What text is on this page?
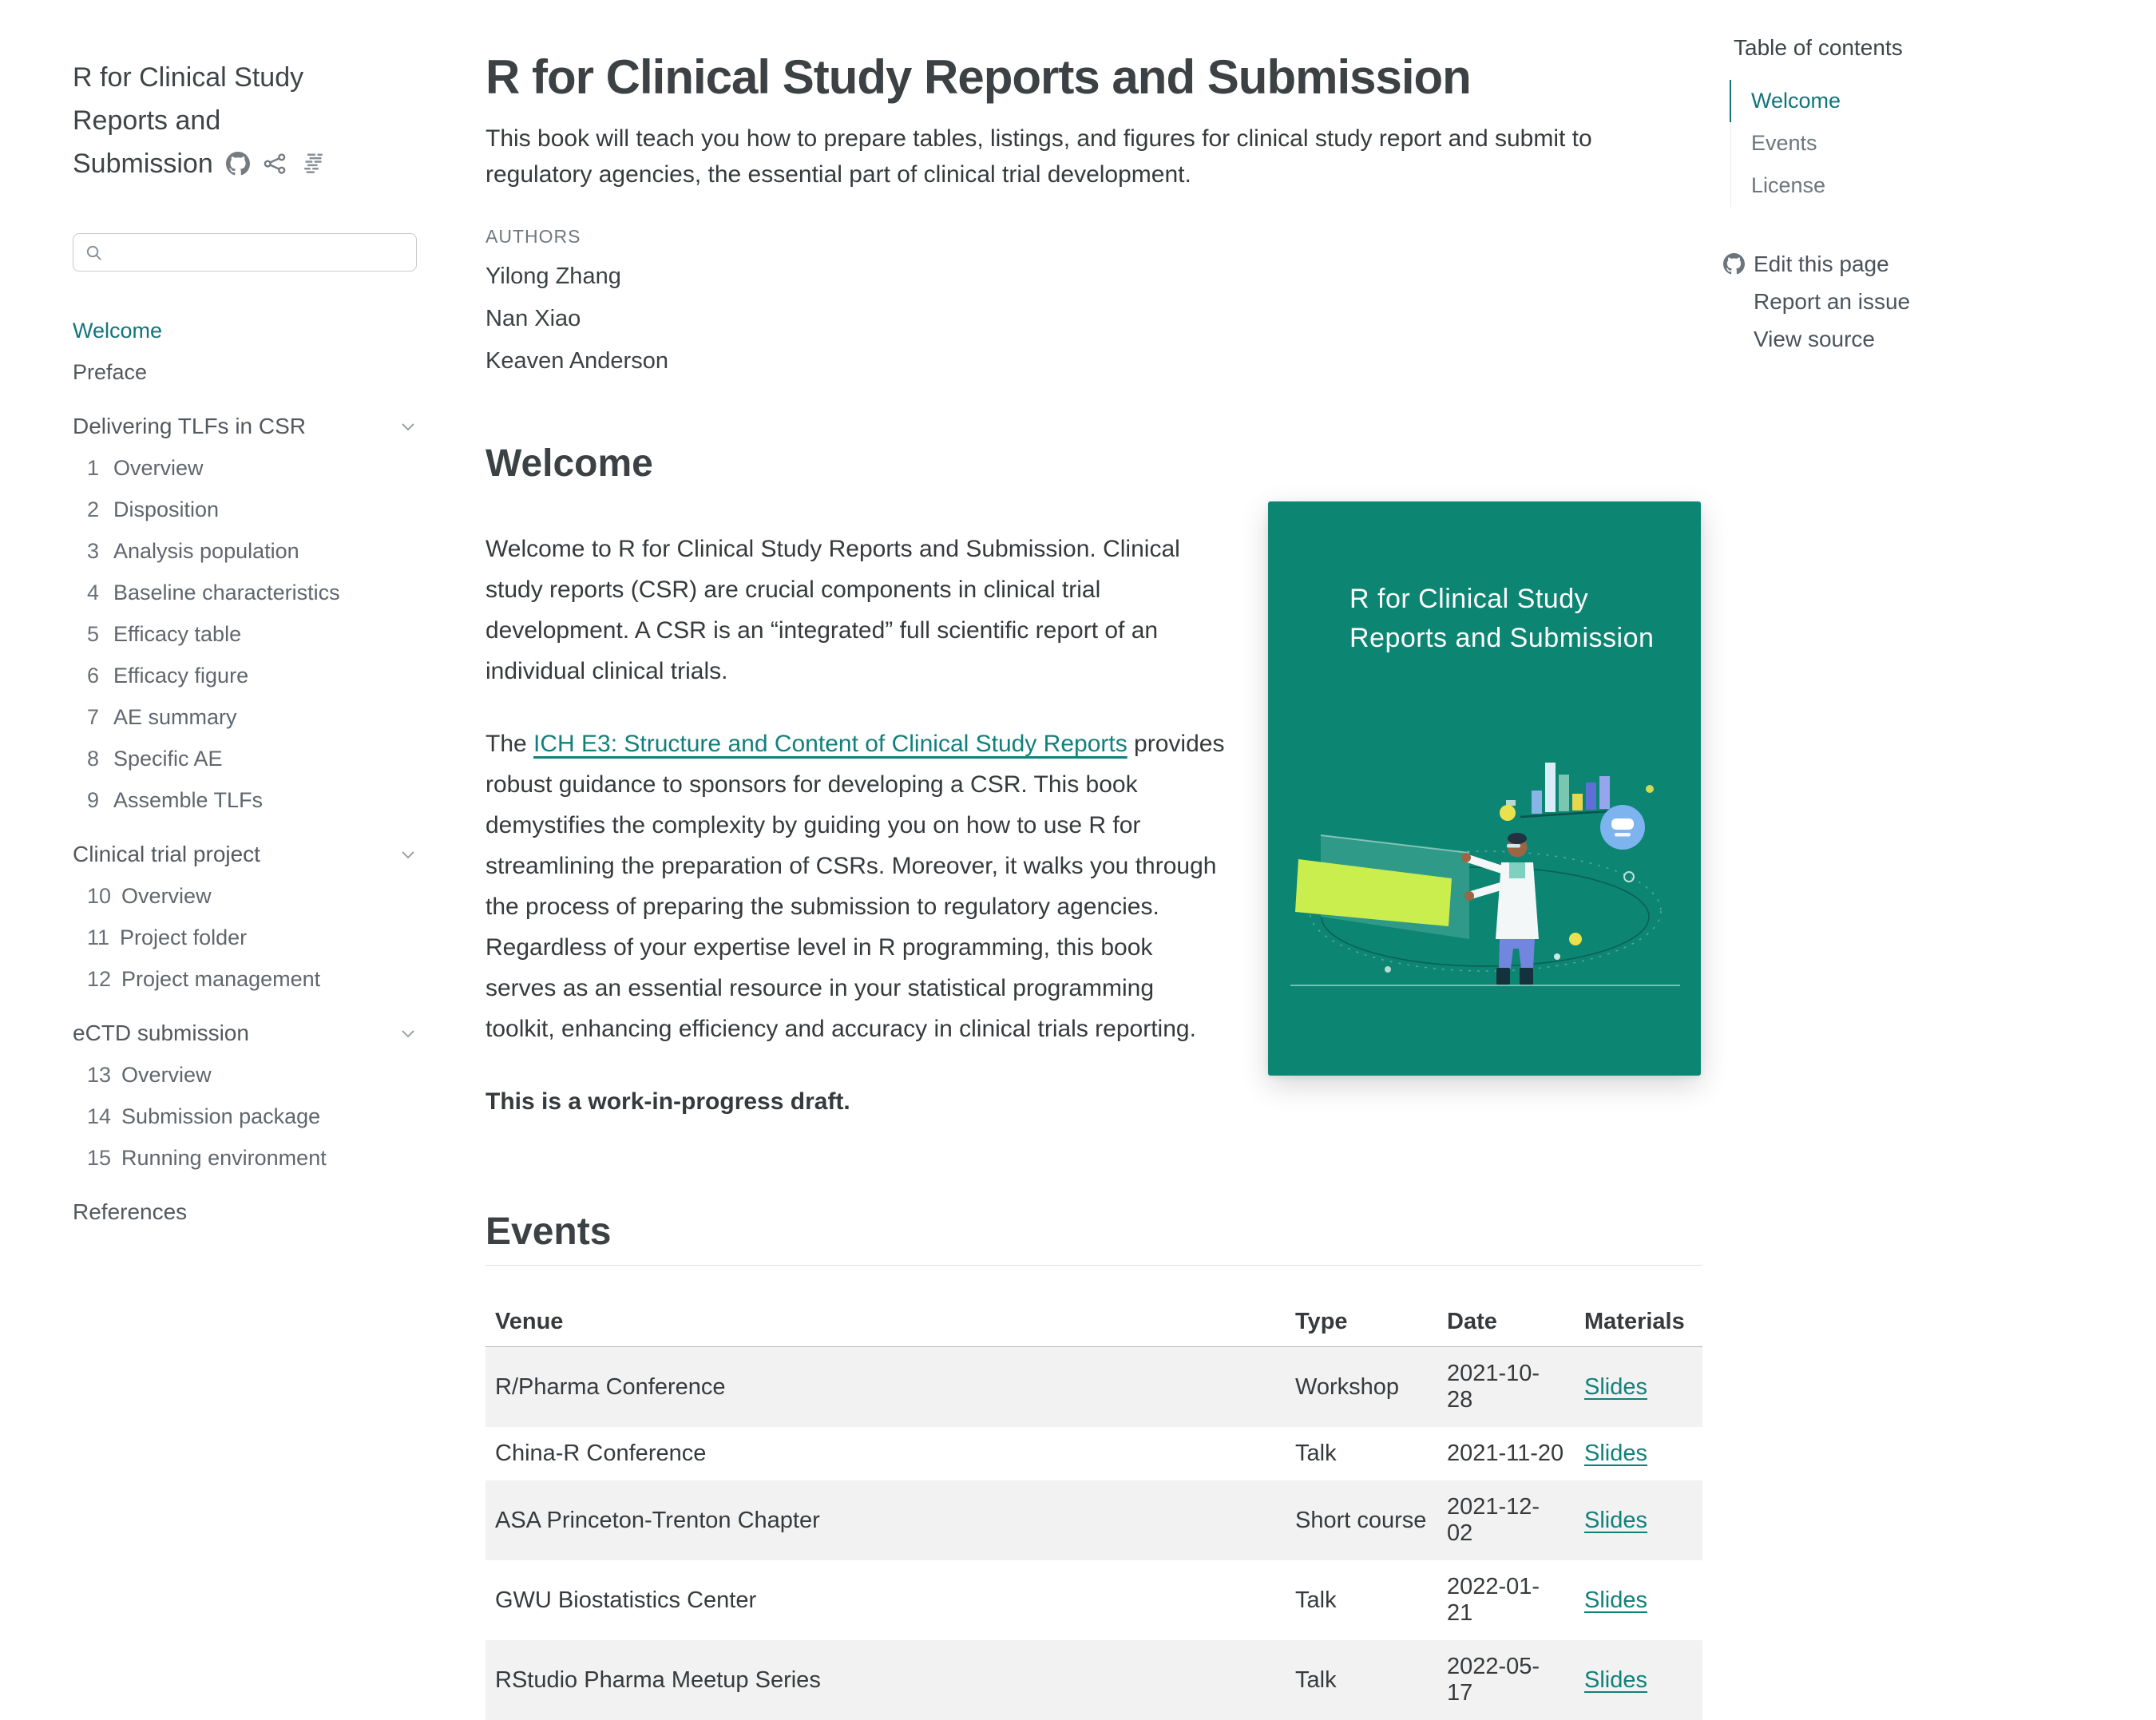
R for Clinical Study
Reports and
Submission
Welcome
Preface
Delivering TLFs in CSR
1 Overview
2 Disposition
3 Analysis population
4 Baseline characteristics
5 Efficacy table
6 Efficacy figure
7 AE summary
8 Specific AE
9 Assemble TLFs
Clinical trial project
10 Overview
11 Project folder
12 Project management
eCTD submission
13 Overview
14 Submission package
15 Running environment
References
R for Clinical Study Reports and Submission

This book will teach you how to prepare tables, listings, and figures for clinical study report and submit to regulatory agencies, the essential part of clinical trial development.

AUTHORS
Yilong Zhang
Nan Xiao
Keaven Anderson
Welcome

Welcome to R for Clinical Study Reports and Submission. Clinical study reports (CSR) are crucial components in clinical trial development. A CSR is an “integrated” full scientific report of an individual clinical trials.

The ICH E3: Structure and Content of Clinical Study Reports provides robust guidance to sponsors for developing a CSR. This book demystifies the complexity by guiding you on how to use R for streamlining the preparation of CSRs. Moreover, it walks you through the process of preparing the submission to regulatory agencies. Regardless of your expertise level in R programming, this book serves as an essential resource in your statistical programming toolkit, enhancing efficiency and accuracy in clinical trials reporting.

This is a work-in-progress draft.

Events
Venue	Type	Date	Materials
R/Pharma Conference	Workshop	2021-10-28	Slides
China-R Conference	Talk	2021-11-20	Slides
ASA Princeton-Trenton Chapter	Short course	2021-12-02	Slides
GWU Biostatistics Center	Talk	2022-01-21	Slides
RStudio Pharma Meetup Series	Talk	2022-05-17	Slides
R for Clinical Study
Reports and Submission
Table of contents
Welcome
Events
License
Edit this page
Report an issue
View source
